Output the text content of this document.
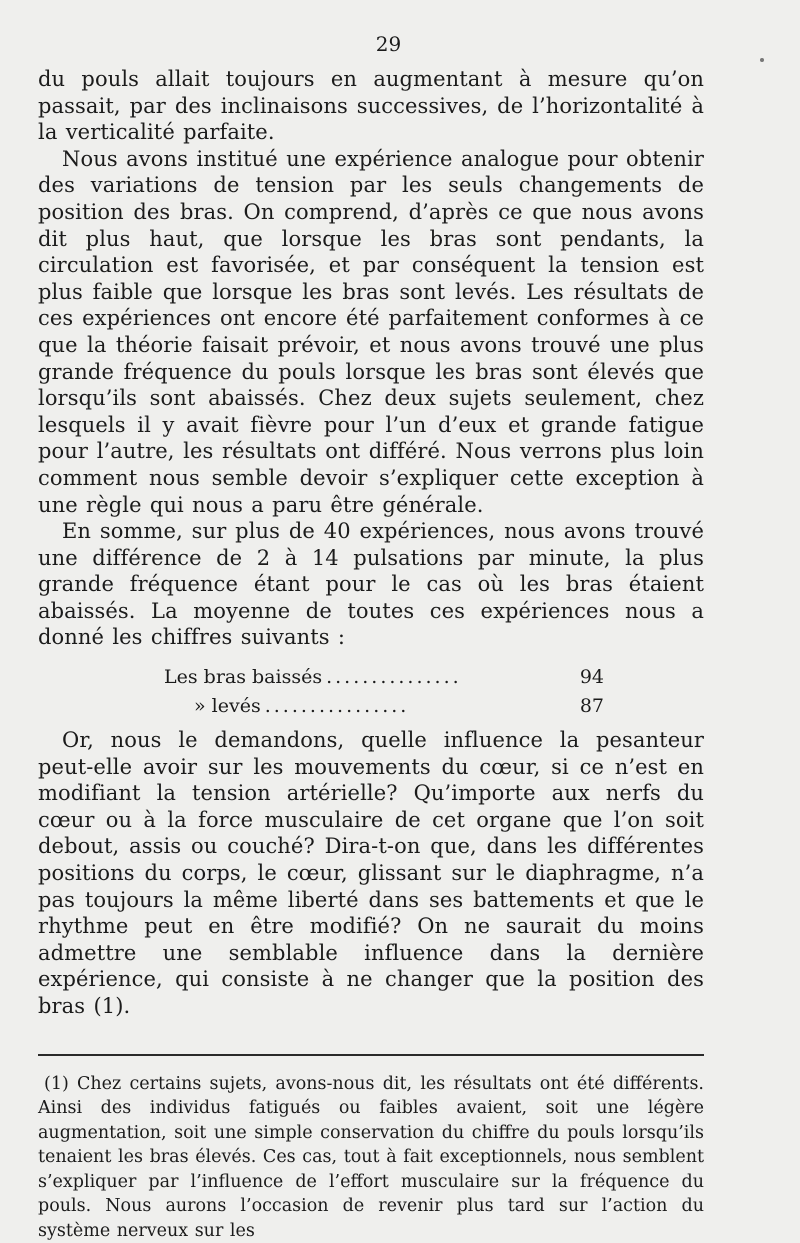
29

du pouls allait toujours en augmentant à mesure qu’on passait, par des inclinaisons successives, de l’horizontalité à la verticalité parfaite.

Nous avons institué une expérience analogue pour obtenir des variations de tension par les seuls changements de position des bras. On comprend, d’après ce que nous avons dit plus haut, que lorsque les bras sont pendants, la circulation est favorisée, et par conséquent la tension est plus faible que lorsque les bras sont levés. Les résultats de ces expériences ont encore été parfaitement conformes à ce que la théorie faisait prévoir, et nous avons trouvé une plus grande fréquence du pouls lorsque les bras sont élevés que lorsqu’ils sont abaissés. Chez deux sujets seulement, chez lesquels il y avait fièvre pour l’un d’eux et grande fatigue pour l’autre, les résultats ont différé. Nous verrons plus loin comment nous semble devoir s’expliquer cette exception à une règle qui nous a paru être générale.

En somme, sur plus de 40 expériences, nous avons trouvé une différence de 2 à 14 pulsations par minute, la plus grande fréquence étant pour le cas où les bras étaient abaissés. La moyenne de toutes ces expériences nous a donné les chiffres suivants :

Les bras baissés ...............	94
» levés ................	87

Or, nous le demandons, quelle influence la pesanteur peut-elle avoir sur les mouvements du cœur, si ce n’est en modifiant la tension artérielle? Qu’importe aux nerfs du cœur ou à la force musculaire de cet organe que l’on soit debout, assis ou couché? Dira-t-on que, dans les différentes positions du corps, le cœur, glissant sur le diaphragme, n’a pas toujours la même liberté dans ses battements et que le rhythme peut en être modifié? On ne saurait du moins admettre une semblable influence dans la dernière expérience, qui consiste à ne changer que la position des bras (1).

(1) Chez certains sujets, avons-nous dit, les résultats ont été différents. Ainsi des individus fatigués ou faibles avaient, soit une légère augmentation, soit une simple conservation du chiffre du pouls lorsqu’ils tenaient les bras élevés. Ces cas, tout à fait exceptionnels, nous semblent s’expliquer par l’influence de l’effort musculaire sur la fréquence du pouls. Nous aurons l’occasion de revenir plus tard sur l’action du système nerveux sur les
